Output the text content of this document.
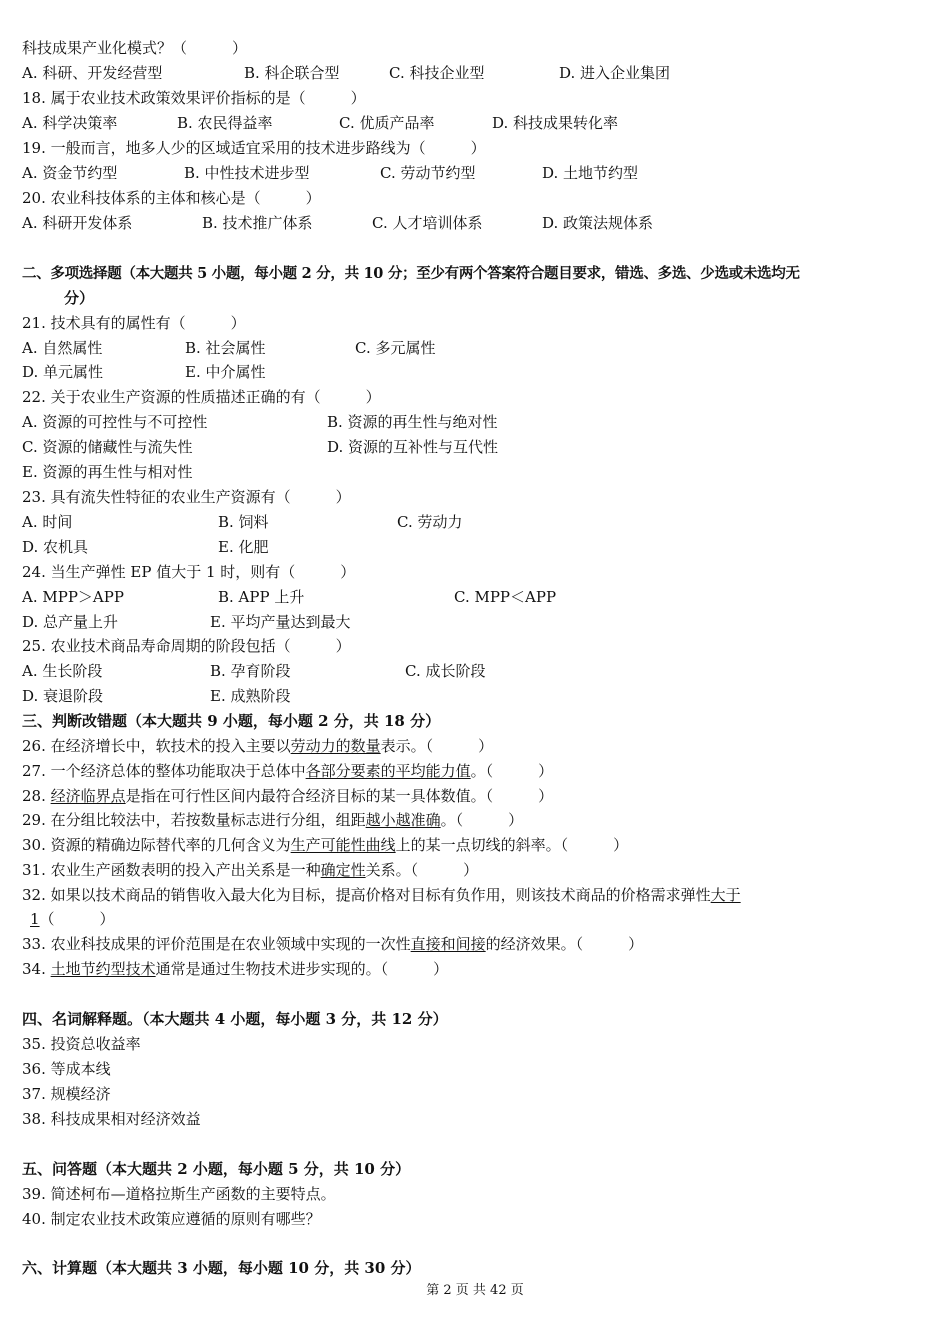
科技成果产业化模式？（　　　）
A. 科研、开发经营型	B. 科企联合型	C. 科技企业型	D. 进入企业集团
18. 属于农业技术政策效果评价指标的是（　　　）
A. 科学决策率	B. 农民得益率	C. 优质产品率	D. 科技成果转化率
19. 一般而言，地多人少的区域适宜采用的技术进步路线为（　　　）
A. 资金节约型	B. 中性技术进步型	C. 劳动节约型	D. 土地节约型
20. 农业科技体系的主体和核心是（　　　）
A. 科研开发体系	B. 技术推广体系	C. 人才培训体系	D. 政策法规体系
二、多项选择题（本大题共 5 小题，每小题 2 分，共 10 分；至少有两个答案符合题目要求，错选、多选、少选或未选均无
分）
21. 技术具有的属性有（　　　）
A. 自然属性	B. 社会属性	C. 多元属性
D. 单元属性	E. 中介属性
22. 关于农业生产资源的性质描述正确的有（　　　）
A. 资源的可控性与不可控性	B. 资源的再生性与绝对性
C. 资源的储藏性与流失性	D. 资源的互补性与互代性
E. 资源的再生性与相对性
23. 具有流失性特征的农业生产资源有（　　　）
A. 时间	B. 饲料	C. 劳动力
D. 农机具	E. 化肥
24. 当生产弹性 EP 值大于 1 时，则有（　　　）
A. MPP＞APP	B. APP 上升	C. MPP＜APP
D. 总产量上升	E. 平均产量达到最大
25. 农业技术商品寿命周期的阶段包括（　　　）
A. 生长阶段	B. 孕育阶段	C. 成长阶段
D. 衰退阶段	E. 成熟阶段
三、判断改错题（本大题共 9 小题，每小题 2 分，共 18 分）
26. 在经济增长中，软技术的投入主要以劳动力的数量表示。（　　　）
27. 一个经济总体的整体功能取决于总体中各部分要素的平均能力值。（　　　）
28. 经济临界点是指在可行性区间内最符合经济目标的某一具体数值。（　　　）
29. 在分组比较法中，若按数量标志进行分组，组距越小越准确。（　　　）
30. 资源的精确边际替代率的几何含义为生产可能性曲线上的某一点切线的斜率。（　　　）
31. 农业生产函数表明的投入产出关系是一种确定性关系。（　　　）
32. 如果以技术商品的销售收入最大化为目标，提高价格对目标有负作用，则该技术商品的价格需求弹性大于
1（　　　）
33. 农业科技成果的评价范围是在农业领域中实现的一次性直接和间接的经济效果。（　　　）
34. 土地节约型技术通常是通过生物技术进步实现的。（　　　）
四、名词解释题。（本大题共 4 小题，每小题 3 分，共 12 分）
35. 投资总收益率
36. 等成本线
37. 规模经济
38. 科技成果相对经济效益
五、问答题（本大题共 2 小题，每小题 5 分，共 10 分）
39. 简述柯布—道格拉斯生产函数的主要特点。
40. 制定农业技术政策应遵循的原则有哪些？
六、计算题（本大题共 3 小题，每小题 10 分，共 30 分）
第 2 页 共 42 页
